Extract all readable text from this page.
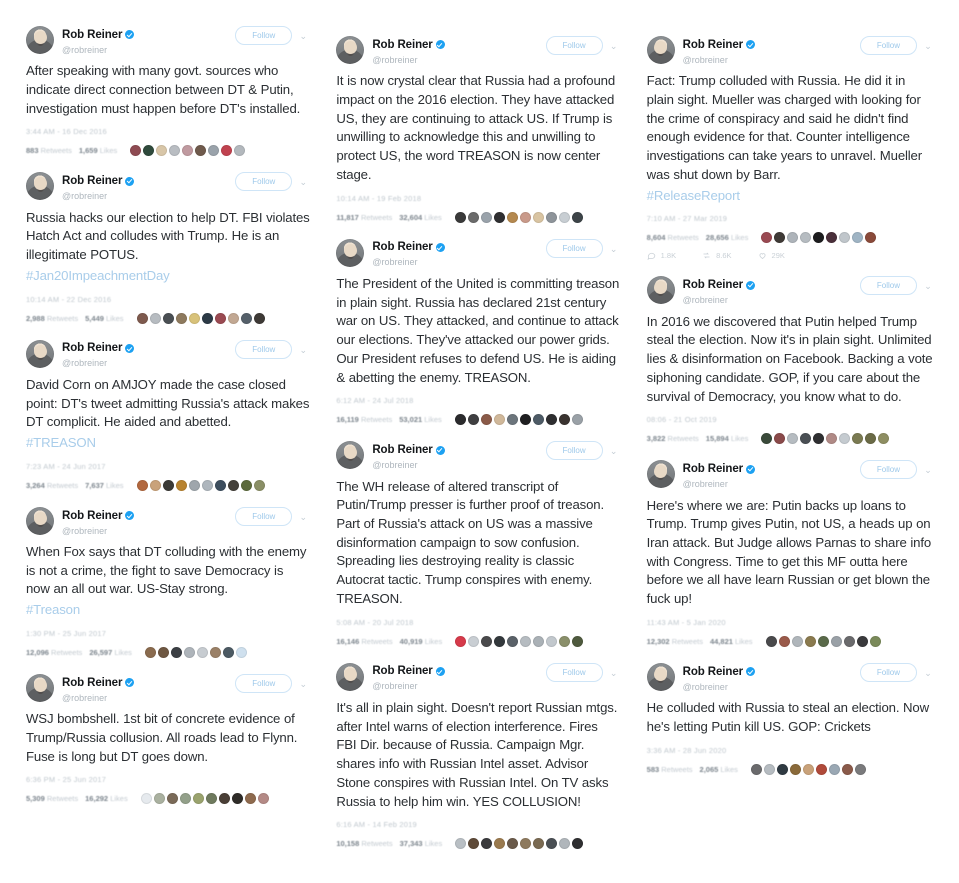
Rob Reiner
@robreiner
Follow	⌄
After speaking with many govt. sources who indicate direct connection between DT & Putin, investigation must happen before DT's installed.
3:44 AM - 16 Dec 2016
883 Retweets 1,659 Likes
Rob Reiner
@robreiner
Follow	⌄
Russia hacks our election to help DT. FBI violates Hatch Act and colludes with Trump. He is an illegitimate POTUS.
#Jan20ImpeachmentDay
10:14 AM - 22 Dec 2016
2,988 Retweets 5,449 Likes
Rob Reiner
@robreiner
Follow	⌄
David Corn on AMJOY made the case closed point: DT's tweet admitting Russia's attack makes DT complicit. He aided and abetted.
#TREASON
7:23 AM - 24 Jun 2017
3,264 Retweets 7,637 Likes
Rob Reiner
@robreiner
Follow	⌄
When Fox says that DT colluding with the enemy is not a crime, the fight to save Democracy is now an all out war. US-Stay strong.
#Treason
1:30 PM - 25 Jun 2017
12,096 Retweets 26,597 Likes
Rob Reiner
@robreiner
Follow	⌄
WSJ bombshell. 1st bit of concrete evidence of Trump/Russia collusion. All roads lead to Flynn. Fuse is long but DT goes down.
6:36 PM - 25 Jun 2017
5,309 Retweets 16,292 Likes
Rob Reiner
@robreiner
Follow	⌄
It is now crystal clear that Russia had a profound impact on the 2016 election. They have attacked US, they are continuing to attack US. If Trump is unwilling to acknowledge this and unwilling to protect US, the word TREASON is now center stage.
10:14 AM - 19 Feb 2018
11,817 Retweets 32,604 Likes
Rob Reiner
@robreiner
Follow	⌄
The President of the United is committing treason in plain sight. Russia has declared 21st century war on US. They attacked, and continue to attack our elections. They've attacked our power grids. Our President refuses to defend US. He is aiding & abetting the enemy. TREASON.
6:12 AM - 24 Jul 2018
16,119 Retweets 53,021 Likes
Rob Reiner
@robreiner
Follow	⌄
The WH release of altered transcript of Putin/Trump presser is further proof of treason. Part of Russia's attack on US was a massive disinformation campaign to sow confusion. Spreading lies destroying reality is classic Autocrat tactic. Trump conspires with enemy. TREASON.
5:08 AM - 20 Jul 2018
16,146 Retweets 40,919 Likes
Rob Reiner
@robreiner
Follow	⌄
It's all in plain sight. Doesn't report Russian mtgs. after Intel warns of election interference. Fires FBI Dir. because of Russia. Campaign Mgr. shares info with Russian Intel asset. Advisor Stone conspires with Russian Intel. On TV asks Russia to help him win. YES COLLUSION!
6:16 AM - 14 Feb 2019
10,158 Retweets 37,343 Likes
Rob Reiner
@robreiner
Follow	⌄
Fact: Trump colluded with Russia. He did it in plain sight. Mueller was charged with looking for the crime of conspiracy and said he didn't find enough evidence for that. Counter intelligence investigations can take years to unravel. Mueller was shut down by Barr.
#ReleaseReport
7:10 AM - 27 Mar 2019
8,604 Retweets 28,656 Likes
1.8K	8.6K	29K
Rob Reiner
@robreiner
Follow	⌄
In 2016 we discovered that Putin helped Trump steal the election. Now it's in plain sight. Unlimited lies & disinformation on Facebook. Backing a vote siphoning candidate. GOP, if you care about the survival of Democracy, you know what to do.
08:06 - 21 Oct 2019
3,822 Retweets 15,894 Likes
Rob Reiner
@robreiner
Follow	⌄
Here's where we are: Putin backs up loans to Trump. Trump gives Putin, not US, a heads up on Iran attack. But Judge allows Parnas to share info with Congress. Time to get this MF outta here before we all have learn Russian or get blown the fuck up!
11:43 AM - 5 Jan 2020
12,302 Retweets 44,821 Likes
Rob Reiner
@robreiner
Follow	⌄
He colluded with Russia to steal an election. Now he's letting Putin kill US. GOP: Crickets
3:36 AM - 28 Jun 2020
583 Retweets 2,065 Likes
